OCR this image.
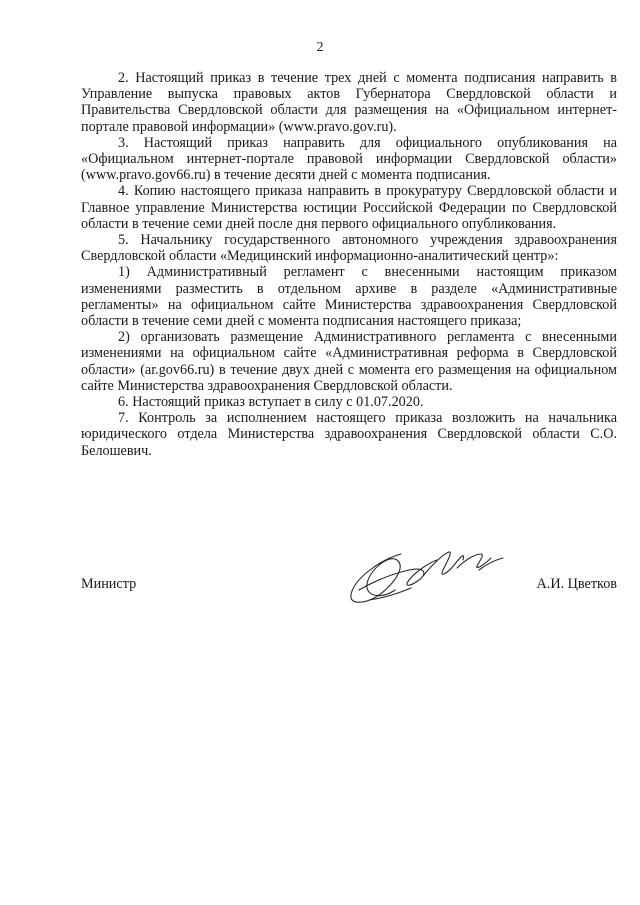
2

2. Настоящий приказ в течение трех дней с момента подписания направить в Управление выпуска правовых актов Губернатора Свердловской области и Правительства Свердловской области для размещения на «Официальном интернет-портале правовой информации» (www.pravo.gov.ru).

3. Настоящий приказ направить для официального опубликования на «Официальном интернет-портале правовой информации Свердловской области» (www.pravo.gov66.ru) в течение десяти дней с момента подписания.

4. Копию настоящего приказа направить в прокуратуру Свердловской области и Главное управление Министерства юстиции Российской Федерации по Свердловской области в течение семи дней после дня первого официального опубликования.

5. Начальнику государственного автономного учреждения здравоохранения Свердловской области «Медицинский информационно-аналитический центр»:

1) Административный регламент с внесенными настоящим приказом изменениями разместить в отдельном архиве в разделе «Административные регламенты» на официальном сайте Министерства здравоохранения Свердловской области в течение семи дней с момента подписания настоящего приказа;

2) организовать размещение Административного регламента с внесенными изменениями на официальном сайте «Административная реформа в Свердловской области» (ar.gov66.ru) в течение двух дней с момента его размещения на официальном сайте Министерства здравоохранения Свердловской области.

6. Настоящий приказ вступает в силу с 01.07.2020.

7. Контроль за исполнением настоящего приказа возложить на начальника юридического отдела Министерства здравоохранения Свердловской области С.О. Белошевич.

Министр	А.И. Цветков
